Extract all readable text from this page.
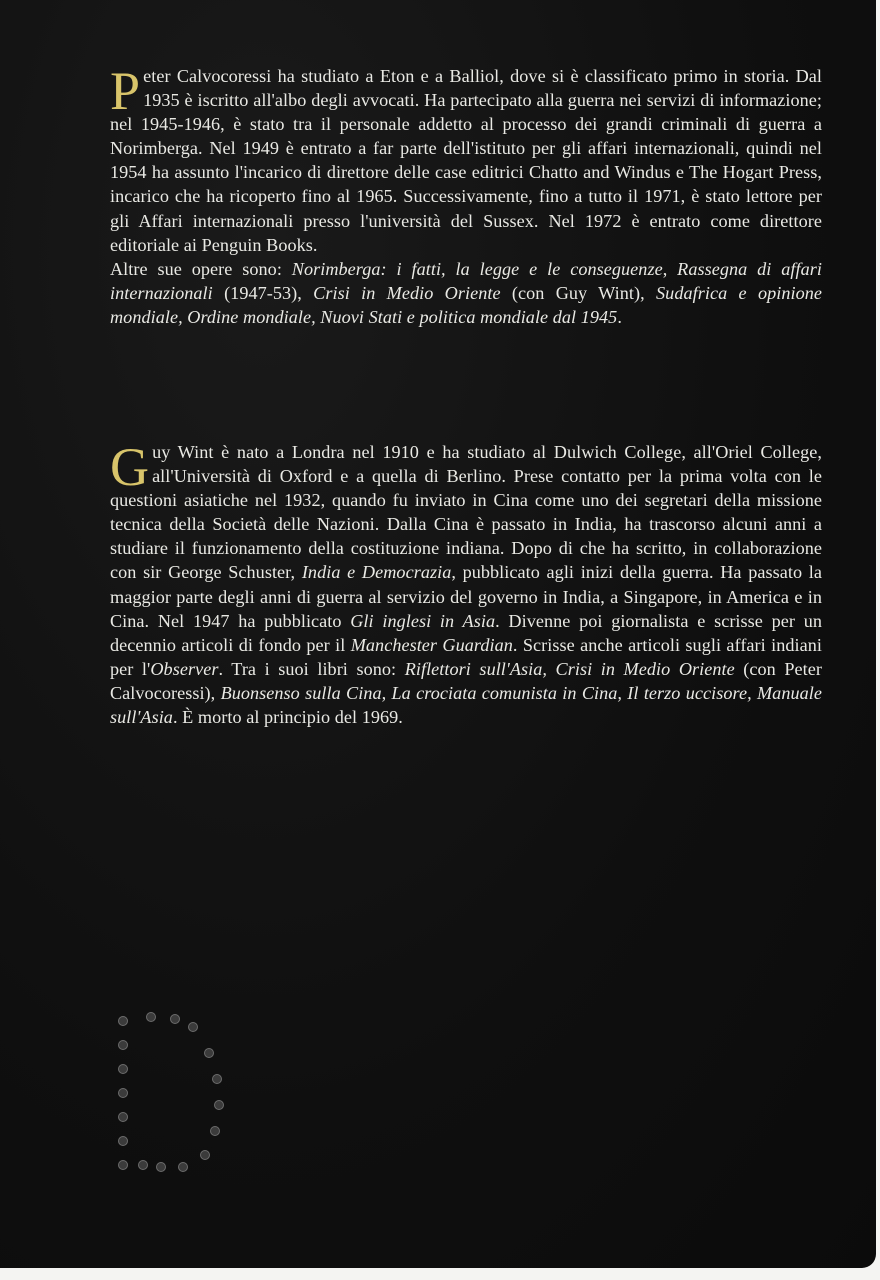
Peter Calvocoressi ha studiato a Eton e a Balliol, dove si è classificato primo in storia. Dal 1935 è iscritto all'albo degli avvocati. Ha partecipato alla guerra nei servizi di informazione; nel 1945-1946, è stato tra il personale addetto al processo dei grandi criminali di guerra a Norimberga. Nel 1949 è entrato a far parte dell'istituto per gli affari internazionali, quindi nel 1954 ha assunto l'incarico di direttore delle case editrici Chatto and Windus e The Hogart Press, incarico che ha ricoperto fino al 1965. Successivamente, fino a tutto il 1971, è stato lettore per gli Affari internazionali presso l'università del Sussex. Nel 1972 è entrato come direttore editoriale ai Penguin Books.

Altre sue opere sono: Norimberga: i fatti, la legge e le conseguenze, Rassegna di affari internazionali (1947-53), Crisi in Medio Oriente (con Guy Wint), Sudafrica e opinione mondiale, Ordine mondiale, Nuovi Stati e politica mondiale dal 1945.

Guy Wint è nato a Londra nel 1910 e ha studiato al Dulwich College, all'Oriel College, all'Università di Oxford e a quella di Berlino. Prese contatto per la prima volta con le questioni asiatiche nel 1932, quando fu inviato in Cina come uno dei segretari della missione tecnica della Società delle Nazioni. Dalla Cina è passato in India, ha trascorso alcuni anni a studiare il funzionamento della costituzione indiana. Dopo di che ha scritto, in collaborazione con sir George Schuster, India e Democrazia, pubblicato agli inizi della guerra. Ha passato la maggior parte degli anni di guerra al servizio del governo in India, a Singapore, in America e in Cina. Nel 1947 ha pubblicato Gli inglesi in Asia. Divenne poi giornalista e scrisse per un decennio articoli di fondo per il Manchester Guardian. Scrisse anche articoli sugli affari indiani per l'Observer. Tra i suoi libri sono: Riflettori sull'Asia, Crisi in Medio Oriente (con Peter Calvocoressi), Buonsenso sulla Cina, La crociata comunista in Cina, Il terzo uccisore, Manuale sull'Asia. È morto al principio del 1969.
